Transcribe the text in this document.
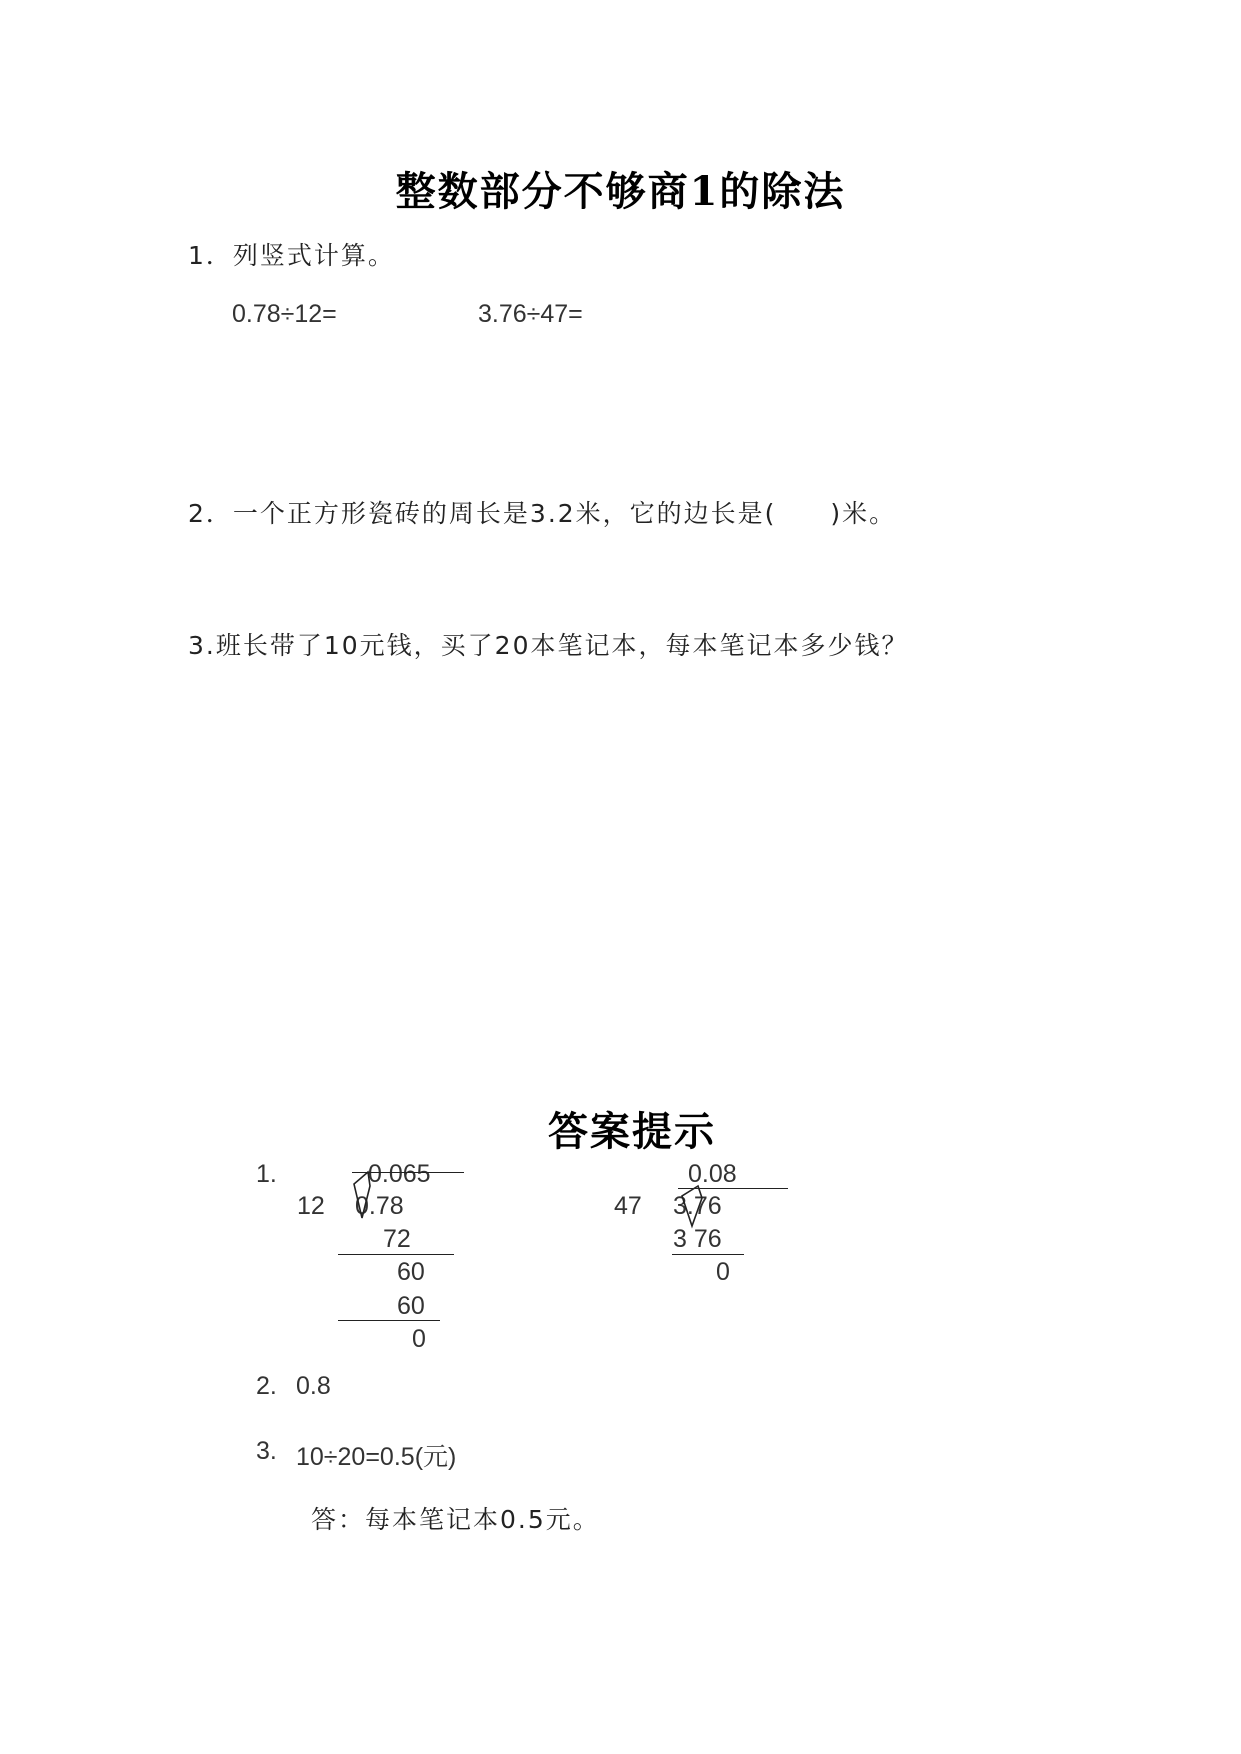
整数部分不够商1的除法
1．列竖式计算。
0.78÷12=	3.76÷47=
2．一个正方形瓷砖的周长是3.2米，它的边长是(　　)米。
3.班长带了10元钱，买了20本笔记本，每本笔记本多少钱？
答案提示
1.	0.065
12 0.78
72
60
60
0
0.08
47 3.76
3 76
0
2. 0.8
3. 10÷20=0.5(元)
答：每本笔记本0.5元。
